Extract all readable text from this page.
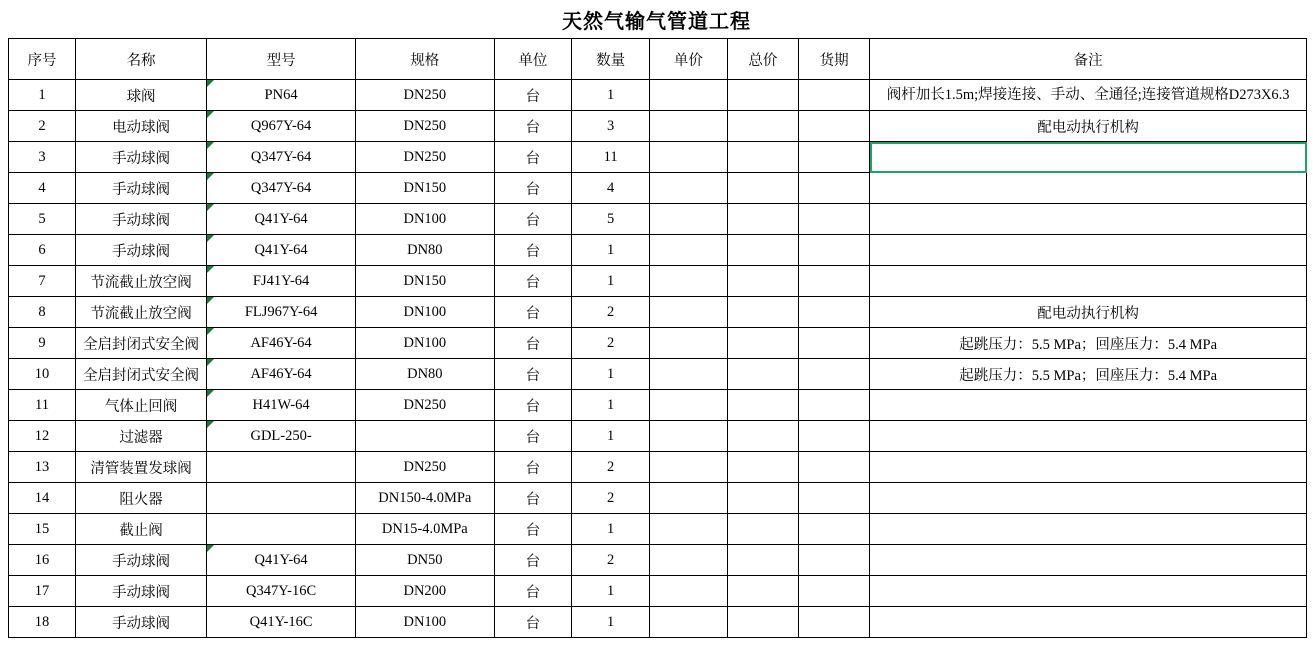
天然气输气管道工程
序号	名称	型号	规格	单位	数量	单价	总价	货期	备注
1	球阀	PN64	DN250	台	1				阀杆加长1.5m;焊接连接、手动、全通径;连接管道规格D273X6.3
2	电动球阀	Q967Y-64	DN250	台	3				配电动执行机构
3	手动球阀	Q347Y-64	DN250	台	11				
4	手动球阀	Q347Y-64	DN150	台	4				
5	手动球阀	Q41Y-64	DN100	台	5				
6	手动球阀	Q41Y-64	DN80	台	1				
7	节流截止放空阀	FJ41Y-64	DN150	台	1				
8	节流截止放空阀	FLJ967Y-64	DN100	台	2				配电动执行机构
9	全启封闭式安全阀	AF46Y-64	DN100	台	2				起跳压力：5.5 MPa；回座压力：5.4 MPa
10	全启封闭式安全阀	AF46Y-64	DN80	台	1				起跳压力：5.5 MPa；回座压力：5.4 MPa
11	气体止回阀	H41W-64	DN250	台	1				
12	过滤器	GDL-250-		台	1				
13	清管装置发球阀		DN250	台	2				
14	阻火器		DN150-4.0MPa	台	2				
15	截止阀		DN15-4.0MPa	台	1				
16	手动球阀	Q41Y-64	DN50	台	2				
17	手动球阀	Q347Y-16C	DN200	台	1				
18	手动球阀	Q41Y-16C	DN100	台	1				
